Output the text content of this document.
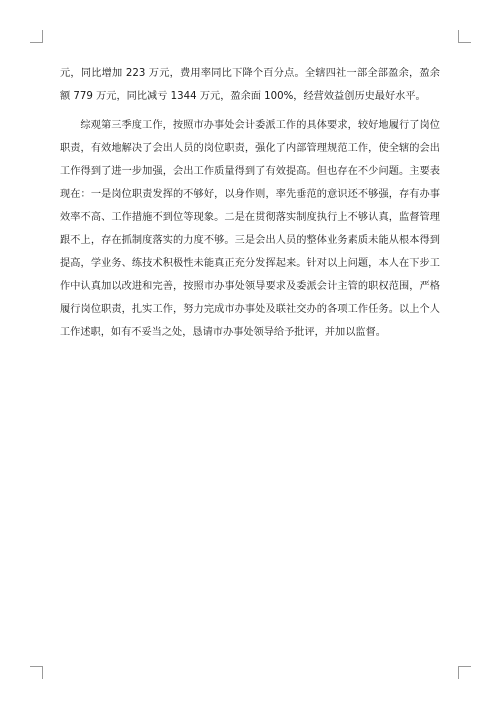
元，同比增加 223 万元，费用率同比下降个百分点。全辖四社一部全部盈余，盈余额 779 万元，同比减亏 1344 万元，盈余面 100%，经营效益创历史最好水平。

综观第三季度工作，按照市办事处会计委派工作的具体要求，较好地履行了岗位职责，有效地解决了会出人员的岗位职责，强化了内部管理规范工作，使全辖的会出工作得到了进一步加强，会出工作质量得到了有效提高。但也存在不少问题。主要表现在：一是岗位职责发挥的不够好，以身作则，率先垂范的意识还不够强，存有办事效率不高、工作措施不到位等现象。二是在贯彻落实制度执行上不够认真，监督管理跟不上，存在抓制度落实的力度不够。三是会出人员的整体业务素质未能从根本得到提高，学业务、练技术积极性未能真正充分发挥起来。针对以上问题，本人在下步工作中认真加以改进和完善，按照市办事处领导要求及委派会计主管的职权范围，严格履行岗位职责，扎实工作，努力完成市办事处及联社交办的各项工作任务。以上个人工作述职，如有不妥当之处，恳请市办事处领导给予批评，并加以监督。
